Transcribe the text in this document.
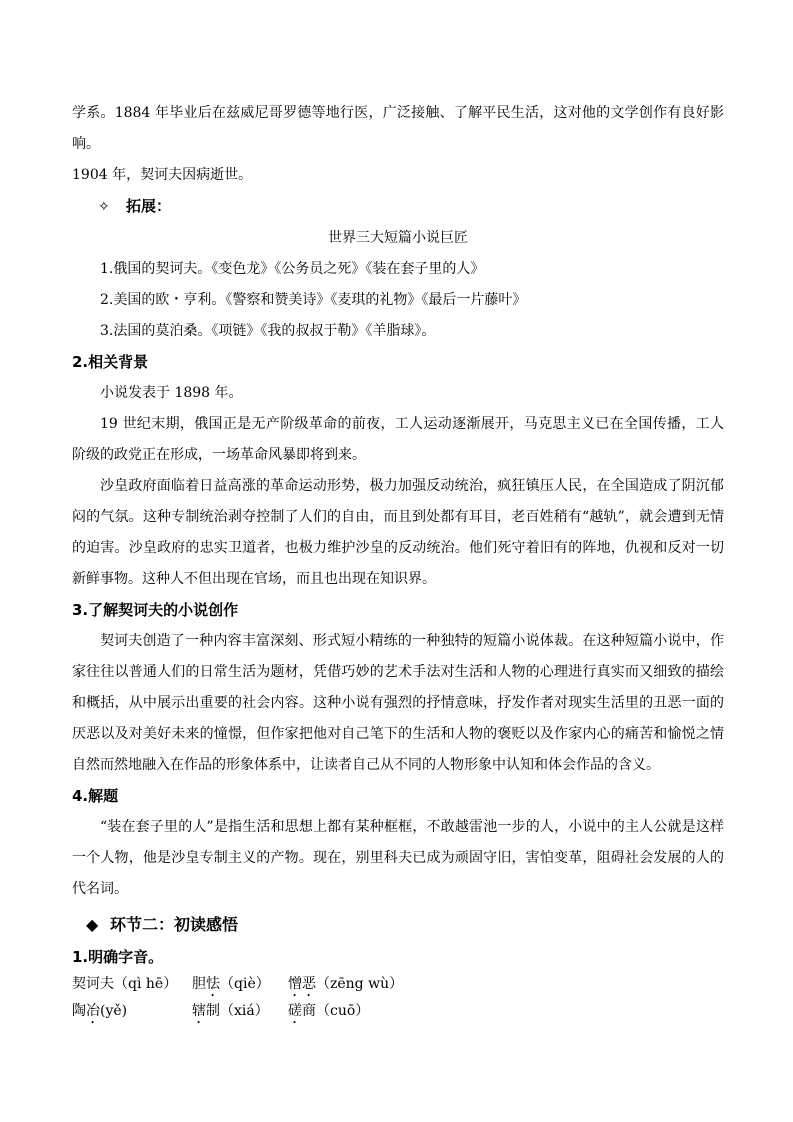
学系。1884 年毕业后在兹威尼哥罗德等地行医，广泛接触、了解平民生活，这对他的文学创作有良好影响。

1904 年，契诃夫因病逝世。

✧ 拓展：

世界三大短篇小说巨匠

1.俄国的契诃夫。《变色龙》《公务员之死》《装在套子里的人》

2.美国的欧・亨利。《警察和赞美诗》《麦琪的礼物》《最后一片藤叶》

3.法国的莫泊桑。《项链》《我的叔叔于勒》《羊脂球》。

2.相关背景

小说发表于 1898 年。

19 世纪末期，俄国正是无产阶级革命的前夜，工人运动逐渐展开，马克思主义已在全国传播，工人阶级的政党正在形成，一场革命风暴即将到来。

沙皇政府面临着日益高涨的革命运动形势，极力加强反动统治，疯狂镇压人民，在全国造成了阴沉郁闷的气氛。这种专制统治剥夺控制了人们的自由，而且到处都有耳目，老百姓稍有“越轨”，就会遭到无情的迫害。沙皇政府的忠实卫道者，也极力维护沙皇的反动统治。他们死守着旧有的阵地，仇视和反对一切新鲜事物。这种人不但出现在官场，而且也出现在知识界。

3.了解契诃夫的小说创作

契诃夫创造了一种内容丰富深刻、形式短小精练的一种独特的短篇小说体裁。在这种短篇小说中，作家往往以普通人们的日常生活为题材，凭借巧妙的艺术手法对生活和人物的心理进行真实而又细致的描绘和概括，从中展示出重要的社会内容。这种小说有强烈的抒情意味，抒发作者对现实生活里的丑恶一面的厌恶以及对美好未来的憧憬，但作家把他对自己笔下的生活和人物的褒贬以及作家内心的痛苦和愉悦之情自然而然地融入在作品的形象体系中，让读者自己从不同的人物形象中认知和体会作品的含义。

4.解题

“装在套子里的人”是指生活和思想上都有某种框框，不敢越雷池一步的人，小说中的主人公就是这样一个人物，他是沙皇专制主义的产物。现在，别里科夫已成为顽固守旧，害怕变革，阻碍社会发展的人的代名词。

◆ 环节二：初读感悟

1.明确字音。

契诃夫（qì hē）	胆怯（qiè）	憎恶（zēng wù）
陶冶(yě)	辖制（xiá）	磋商（cuō）
